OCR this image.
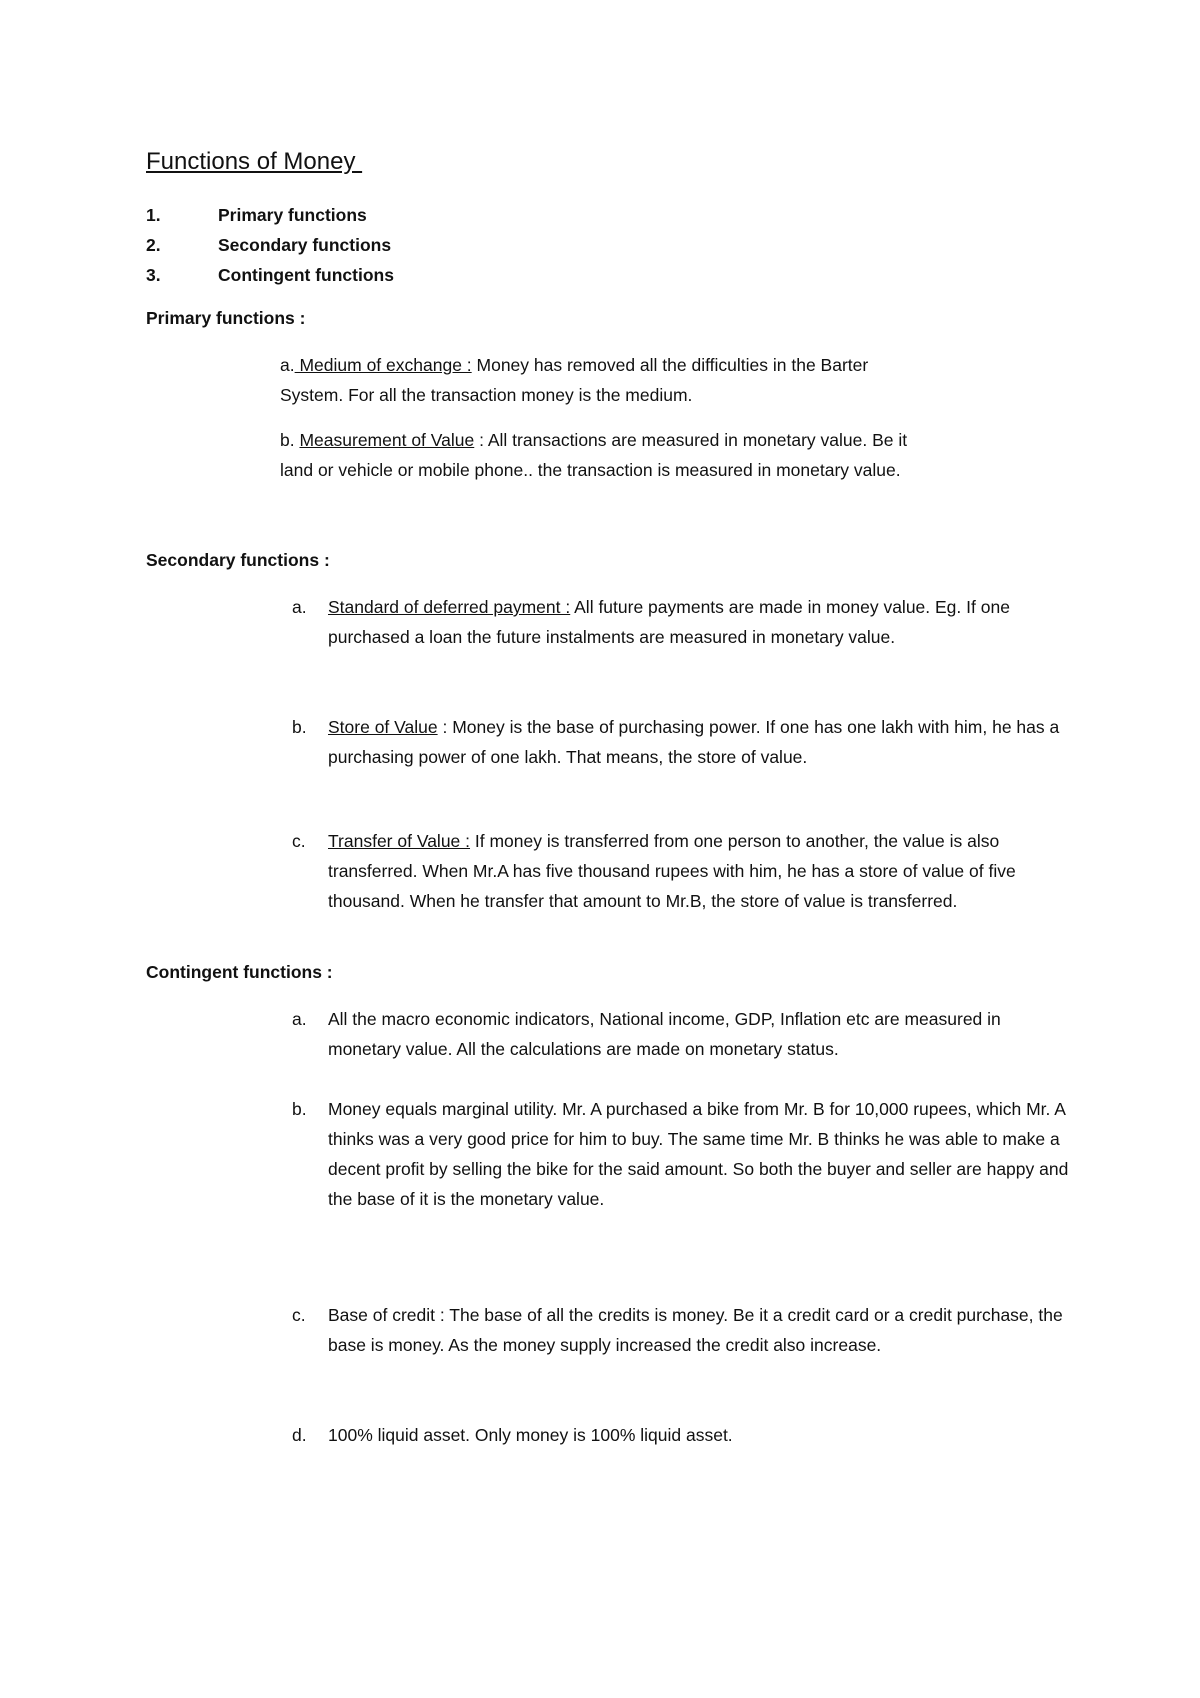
Functions of Money
1.	Primary functions
2.	Secondary functions
3.	Contingent functions
Primary functions :

a. Medium of exchange : Money has removed all the difficulties in the Barter
System. For all the transaction money is the medium.

b. Measurement of Value : All transactions are measured in monetary value. Be it
land or vehicle or mobile phone.. the transaction is measured in monetary value.

Secondary functions :
a. Standard of deferred payment : All future payments are made in money value. Eg. If one purchased a loan the future instalments are measured in monetary value.
b. Store of Value : Money is the base of purchasing power. If one has one lakh with him, he has a purchasing power of one lakh. That means, the store of value.
c. Transfer of Value : If money is transferred from one person to another, the value is also transferred. When Mr.A has five thousand rupees with him, he has a store of value of five thousand. When he transfer that amount to Mr.B, the store of value is transferred.
Contingent functions :
a. All the macro economic indicators, National income, GDP, Inflation etc are measured in monetary value. All the calculations are made on monetary status.
b. Money equals marginal utility. Mr. A purchased a bike from Mr. B for 10,000 rupees, which Mr. A thinks was a very good price for him to buy. The same time Mr. B thinks he was able to make a decent profit by selling the bike for the said amount. So both the buyer and seller are happy and the base of it is the monetary value.
c. Base of credit : The base of all the credits is money. Be it a credit card or a credit purchase, the base is money. As the money supply increased the credit also increase.
d. 100% liquid asset. Only money is 100% liquid asset.
